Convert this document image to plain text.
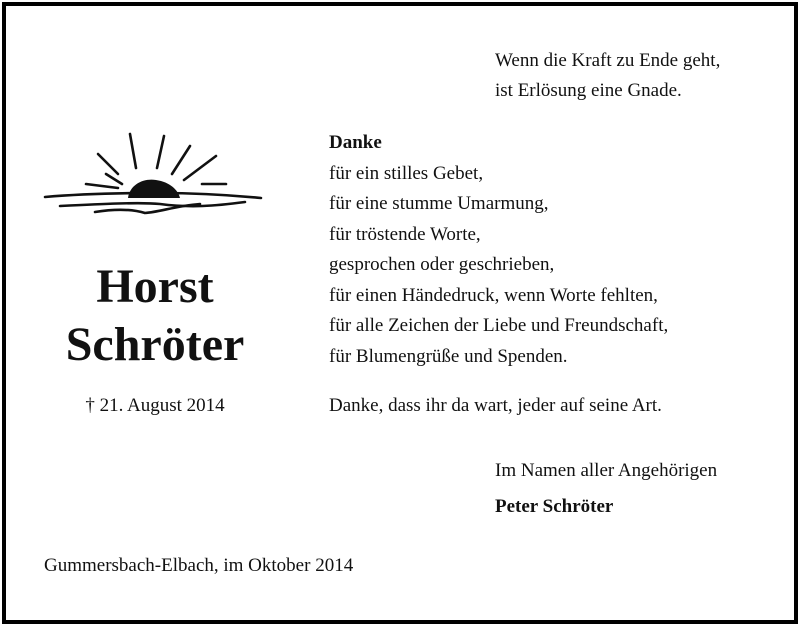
Horst
Schröter
† 21. August 2014
Wenn die Kraft zu Ende geht,
ist Erlösung eine Gnade.
Danke
für ein stilles Gebet,
für eine stumme Umarmung,
für tröstende Worte,
gesprochen oder geschrieben,
für einen Händedruck, wenn Worte fehlten,
für alle Zeichen der Liebe und Freundschaft,
für Blumengrüße und Spenden.
Danke, dass ihr da wart, jeder auf seine Art.
Im Namen aller Angehörigen
Peter Schröter
Gummersbach-Elbach, im Oktober 2014
